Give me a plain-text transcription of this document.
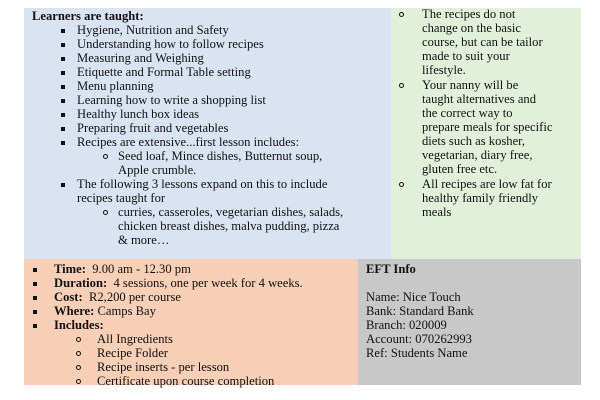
Learners are taught:
Hygiene, Nutrition and Safety
Understanding how to follow recipes
Measuring and Weighing
Etiquette and Formal Table setting
Menu planning
Learning how to write a shopping list
Healthy lunch box ideas
Preparing fruit and vegetables
Recipes are extensive...first lesson includes:
Seed loaf, Mince dishes, Butternut soup,
Apple crumble.
The following 3 lessons expand on this to include
recipes taught for
curries, casseroles, vegetarian dishes, salads,
chicken breast dishes, malva pudding, pizza
& more…
The recipes do not
change on the basic
course, but can be tailor
made to suit your
lifestyle.
Your nanny will be
taught alternatives and
the correct way to
prepare meals for specific
diets such as kosher,
vegetarian, diary free,
gluten free etc.
All recipes are low fat for
healthy family friendly
meals
Time: 9.00 am - 12.30 pm
Duration: 4 sessions, one per week for 4 weeks.
Cost: R2,200 per course
Where: Camps Bay
Includes:
All Ingredients
Recipe Folder
Recipe inserts - per lesson
Certificate upon course completion
EFT Info
Name: Nice Touch
Bank: Standard Bank
Branch: 020009
Account: 070262993
Ref: Students Name
